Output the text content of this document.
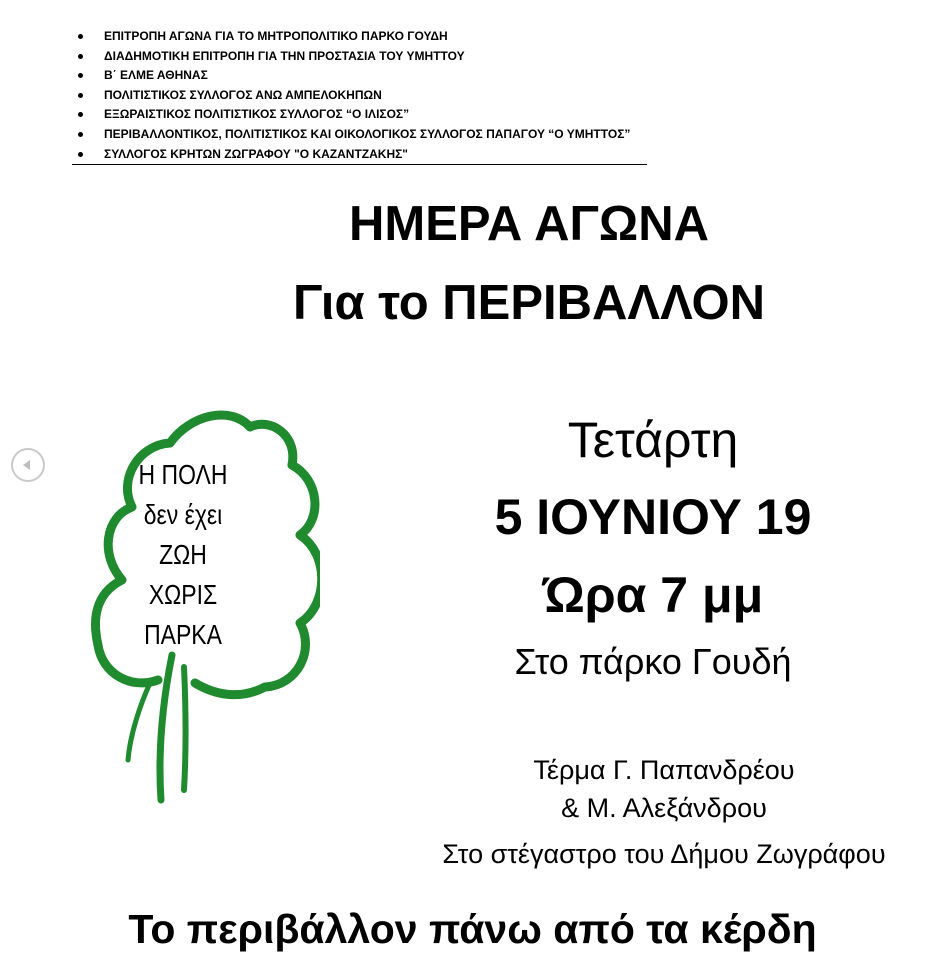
ΕΠΙΤΡΟΠΗ ΑΓΩΝΑ ΓΙΑ ΤΟ ΜΗΤΡΟΠΟΛΙΤΙΚΟ ΠΑΡΚΟ ΓΟΥΔΗ
ΔΙΑΔΗΜΟΤΙΚΗ ΕΠΙΤΡΟΠΗ ΓΙΑ ΤΗΝ ΠΡΟΣΤΑΣΙΑ ΤΟΥ ΥΜΗΤΤΟΥ
Β΄ ΕΛΜΕ ΑΘΗΝΑΣ
ΠΟΛΙΤΙΣΤΙΚΟΣ ΣΥΛΛΟΓΟΣ ΑΝΩ ΑΜΠΕΛΟΚΗΠΩΝ
ΕΞΩΡΑΙΣΤΙΚΟΣ ΠΟΛΙΤΙΣΤΙΚΟΣ ΣΥΛΛΟΓΟΣ “Ο ΙΛΙΣΟΣ”
ΠΕΡΙΒΑΛΛΟΝΤΙΚΟΣ, ΠΟΛΙΤΙΣΤΙΚΟΣ ΚΑΙ ΟΙΚΟΛΟΓΙΚΟΣ ΣΥΛΛΟΓΟΣ ΠΑΠΑΓΟΥ “Ο ΥΜΗΤΤΟΣ”
ΣΥΛΛΟΓΟΣ ΚΡΗΤΩΝ ΖΩΓΡΑΦΟΥ "Ο ΚΑΖΑΝΤΖΑΚΗΣ"
ΗΜΕΡΑ ΑΓΩΝΑ
Για το ΠΕΡΙΒΑΛΛΟΝ
Η ΠΟΛΗ
δεν έχει
ΖΩΗ
ΧΩΡΙΣ
ΠΑΡΚΑ
Τετάρτη
5 ΙΟΥΝΙΟΥ 19
Ώρα 7 μμ
Στο πάρκο Γουδή
Τέρμα Γ. Παπανδρέου
& Μ. Αλεξάνδρου
Στο στέγαστρο του Δήμου Ζωγράφου
Το περιβάλλον πάνω από τα κέρδη
